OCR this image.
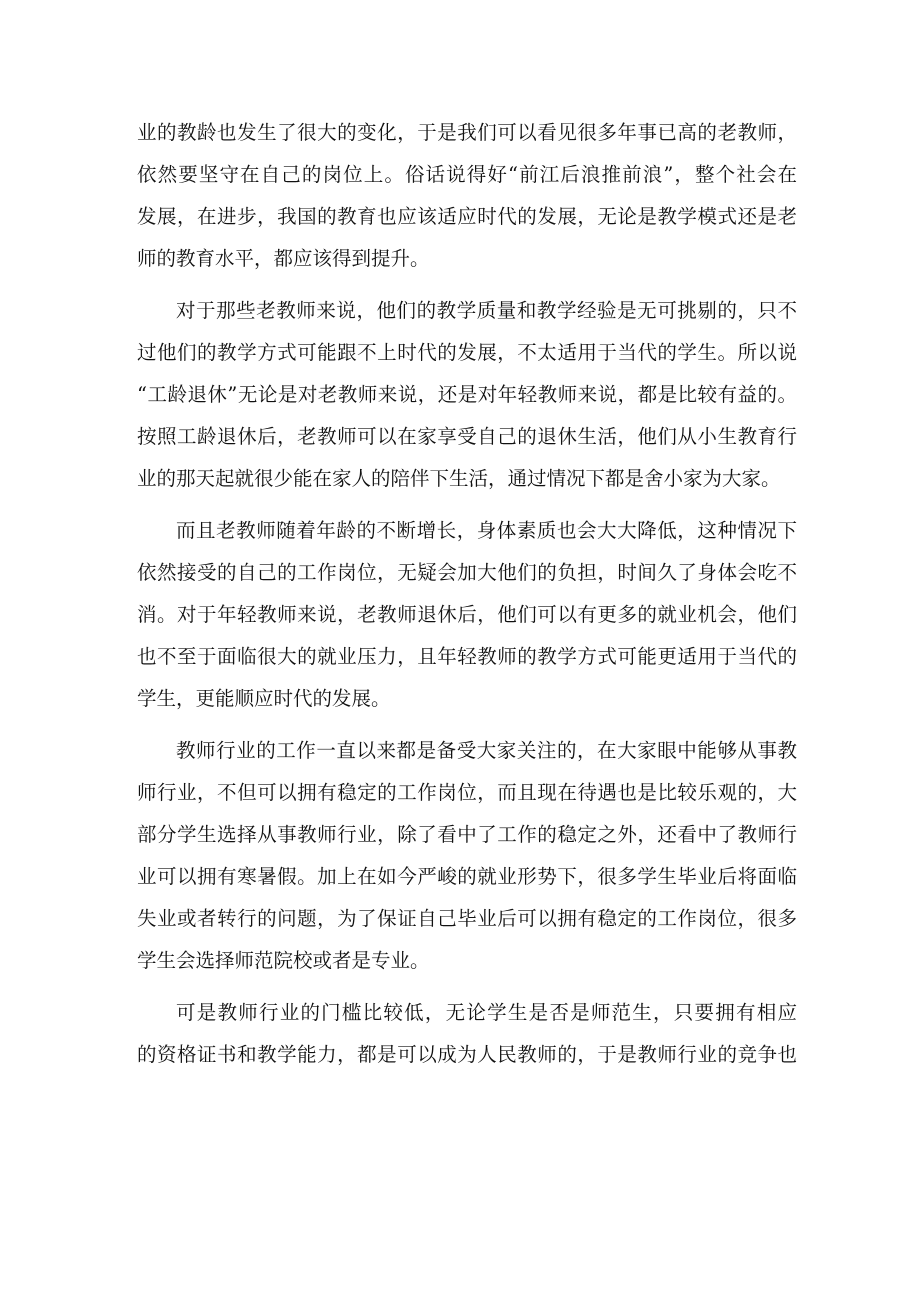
业的教龄也发生了很大的变化，于是我们可以看见很多年事已高的老教师，
依然要坚守在自己的岗位上。俗话说得好“前江后浪推前浪”，整个社会在
发展，在进步，我国的教育也应该适应时代的发展，无论是教学模式还是老
师的教育水平，都应该得到提升。
对于那些老教师来说，他们的教学质量和教学经验是无可挑剔的，只不
过他们的教学方式可能跟不上时代的发展，不太适用于当代的学生。所以说
“工龄退休”无论是对老教师来说，还是对年轻教师来说，都是比较有益的。
按照工龄退休后，老教师可以在家享受自己的退休生活，他们从小生教育行
业的那天起就很少能在家人的陪伴下生活，通过情况下都是舍小家为大家。
而且老教师随着年龄的不断增长，身体素质也会大大降低，这种情况下
依然接受的自己的工作岗位，无疑会加大他们的负担，时间久了身体会吃不
消。对于年轻教师来说，老教师退休后，他们可以有更多的就业机会，他们
也不至于面临很大的就业压力，且年轻教师的教学方式可能更适用于当代的
学生，更能顺应时代的发展。
教师行业的工作一直以来都是备受大家关注的，在大家眼中能够从事教
师行业，不但可以拥有稳定的工作岗位，而且现在待遇也是比较乐观的，大
部分学生选择从事教师行业，除了看中了工作的稳定之外，还看中了教师行
业可以拥有寒暑假。加上在如今严峻的就业形势下，很多学生毕业后将面临
失业或者转行的问题，为了保证自己毕业后可以拥有稳定的工作岗位，很多
学生会选择师范院校或者是专业。
可是教师行业的门槛比较低，无论学生是否是师范生，只要拥有相应
的资格证书和教学能力，都是可以成为人民教师的，于是教师行业的竞争也
